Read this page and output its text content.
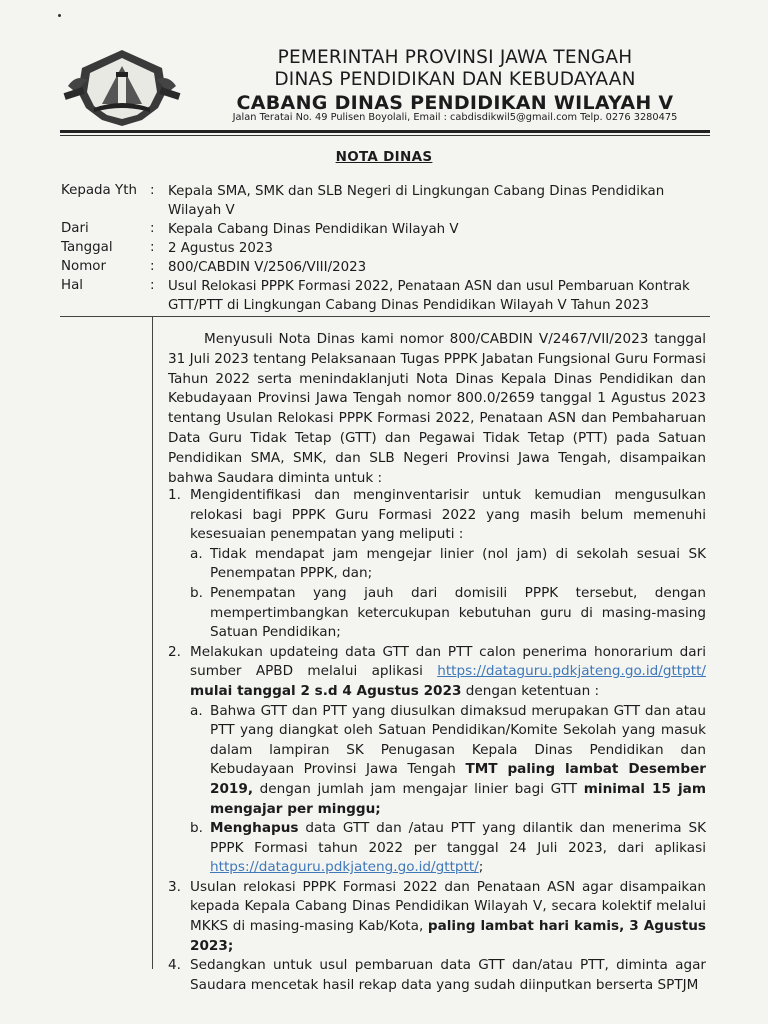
PEMERINTAH PROVINSI JAWA TENGAH
DINAS PENDIDIKAN DAN KEBUDAYAAN
CABANG DINAS PENDIDIKAN WILAYAH V
Jalan Teratai No. 49 Pulisen Boyolali, Email : cabdisdikwil5@gmail.com Telp. 0276 3280475
NOTA DINAS
Kepada Yth : Kepala SMA, SMK dan SLB Negeri di Lingkungan Cabang Dinas Pendidikan Wilayah V
Dari	: Kepala Cabang Dinas Pendidikan Wilayah V
Tanggal	: 2 Agustus 2023
Nomor	: 800/CABDIN V/2506/VIII/2023
Hal	: Usul Relokasi PPPK Formasi 2022, Penataan ASN dan usul Pembaruan Kontrak GTT/PTT di Lingkungan Cabang Dinas Pendidikan Wilayah V Tahun 2023
Menyusuli Nota Dinas kami nomor 800/CABDIN V/2467/VII/2023 tanggal 31 Juli 2023 tentang Pelaksanaan Tugas PPPK Jabatan Fungsional Guru Formasi Tahun 2022 serta menindaklanjuti Nota Dinas Kepala Dinas Pendidikan dan Kebudayaan Provinsi Jawa Tengah nomor 800.0/2659 tanggal 1 Agustus 2023 tentang Usulan Relokasi PPPK Formasi 2022, Penataan ASN dan Pembaharuan Data Guru Tidak Tetap (GTT) dan Pegawai Tidak Tetap (PTT) pada Satuan Pendidikan SMA, SMK, dan SLB Negeri Provinsi Jawa Tengah, disampaikan bahwa Saudara diminta untuk :
1. Mengidentifikasi dan menginventarisir untuk kemudian mengusulkan relokasi bagi PPPK Guru Formasi 2022 yang masih belum memenuhi kesesuaian penempatan yang meliputi :
a. Tidak mendapat jam mengejar linier (nol jam) di sekolah sesuai SK Penempatan PPPK, dan;
b. Penempatan yang jauh dari domisili PPPK tersebut, dengan mempertimbangkan ketercukupan kebutuhan guru di masing-masing Satuan Pendidikan;
2. Melakukan updateing data GTT dan PTT calon penerima honorarium dari sumber APBD melalui aplikasi https://dataguru.pdkjateng.go.id/gttptt/ mulai tanggal 2 s.d 4 Agustus 2023 dengan ketentuan :
a. Bahwa GTT dan PTT yang diusulkan dimaksud merupakan GTT dan atau PTT yang diangkat oleh Satuan Pendidikan/Komite Sekolah yang masuk dalam lampiran SK Penugasan Kepala Dinas Pendidikan dan Kebudayaan Provinsi Jawa Tengah TMT paling lambat Desember 2019, dengan jumlah jam mengajar linier bagi GTT minimal 15 jam mengajar per minggu;
b. Menghapus data GTT dan /atau PTT yang dilantik dan menerima SK PPPK Formasi tahun 2022 per tanggal 24 Juli 2023, dari aplikasi https://dataguru.pdkjateng.go.id/gttptt/;
3. Usulan relokasi PPPK Formasi 2022 dan Penataan ASN agar disampaikan kepada Kepala Cabang Dinas Pendidikan Wilayah V, secara kolektif melalui MKKS di masing-masing Kab/Kota, paling lambat hari kamis, 3 Agustus 2023;
4. Sedangkan untuk usul pembaruan data GTT dan/atau PTT, diminta agar Saudara mencetak hasil rekap data yang sudah diinputkan berserta SPTJM
